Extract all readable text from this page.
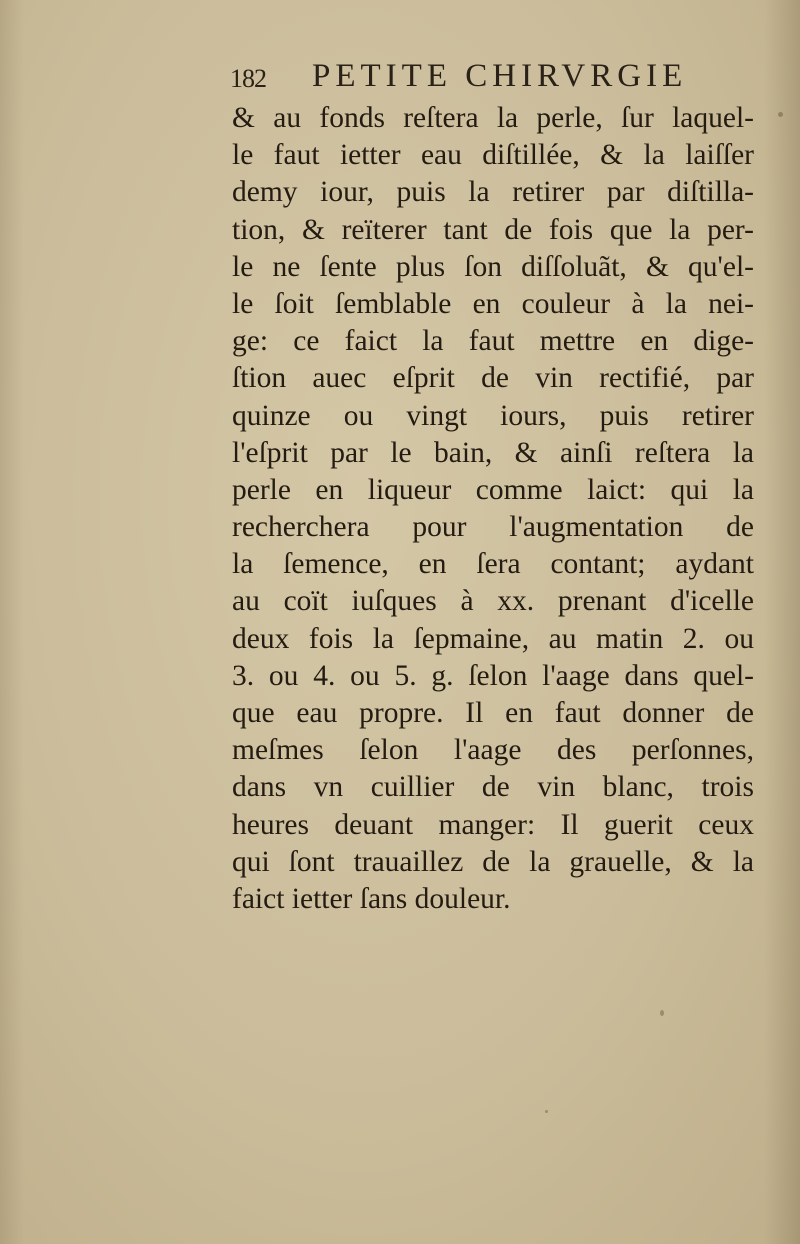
182 PETITE CHIRVRGIE
& au fonds reſtera la perle, ſur laquel-
le faut ietter eau diſtillée, & la laiſſer
demy iour, puis la retirer par diſtilla-
tion, & reïterer tant de fois que la per-
le ne ſente plus ſon diſſoluãt, & qu'el-
le ſoit ſemblable en couleur à la nei-
ge: ce faict la faut mettre en dige-
ſtion auec eſprit de vin rectifié, par
quinze ou vingt iours, puis retirer
l'eſprit par le bain, & ainſi reſtera la
perle en liqueur comme laict: qui la
recherchera pour l'augmentation de
la ſemence, en ſera contant; aydant
au coït iuſques à xx. prenant d'icelle
deux fois la ſepmaine, au matin 2. ou
3. ou 4. ou 5. g. ſelon l'aage dans quel-
que eau propre. Il en faut donner de
meſmes ſelon l'aage des perſonnes,
dans vn cuillier de vin blanc, trois
heures deuant manger: Il guerit ceux
qui ſont trauaillez de la grauelle, & la
faict ietter ſans douleur.
